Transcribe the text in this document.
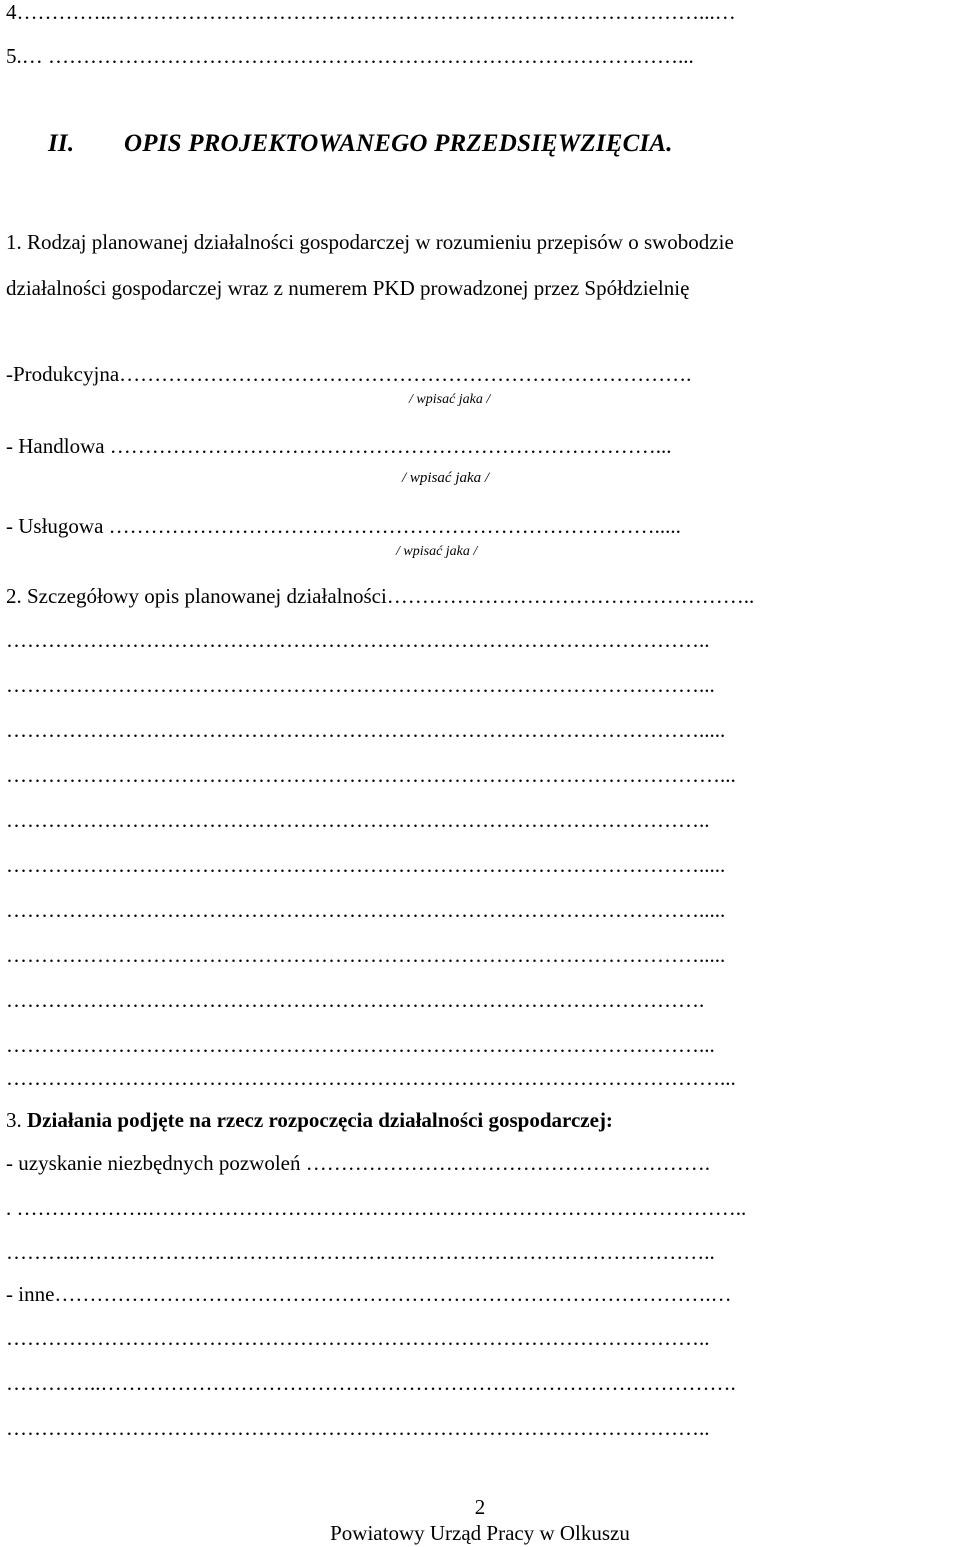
4…………..…………………………………………………………………………...…
5.… ………………………………………………………………………………...
II. OPIS PROJEKTOWANEGO PRZEDSIĘWZIĘCIA.
1. Rodzaj planowanej działalności gospodarczej w rozumieniu przepisów o swobodzie
działalności gospodarczej wraz z numerem PKD prowadzonej przez Spółdzielnię
-Produkcyjna……………………………………………………………………….
/ wpisać jaka /
- Handlowa ……………………………………………………………………...
/ wpisać jaka /
- Usługowa …………………………………………………………………….....
/ wpisać jaka /
2. Szczegółowy opis planowanej działalności……………………………………………..
………………………………………………………………………………………..
………………………………………………………………………………………...
……………………………………………………………………………………….....
…………………………………………………………………………………………...
………………………………………………………………………………………..
……………………………………………………………………………………….....
……………………………………………………………………………………….....
……………………………………………………………………………………….....
……………………………………………………………………………………….
………………………………………………………………………………………...
…………………………………………………………………………………………...
3. Działania podjęte na rzecz rozpoczęcia działalności gospodarczej:
- uzyskanie niezbędnych pozwoleń ………………………………………………….
. ……………….…………………………………………………………………………..
……….………………………………………………………………………………..
- inne………………………………………………………………………………….…
………………………………………………………………………………………..
…………..……………………………………………………………………………….
………………………………………………………………………………………..
2
Powiatowy Urząd Pracy w Olkuszu
